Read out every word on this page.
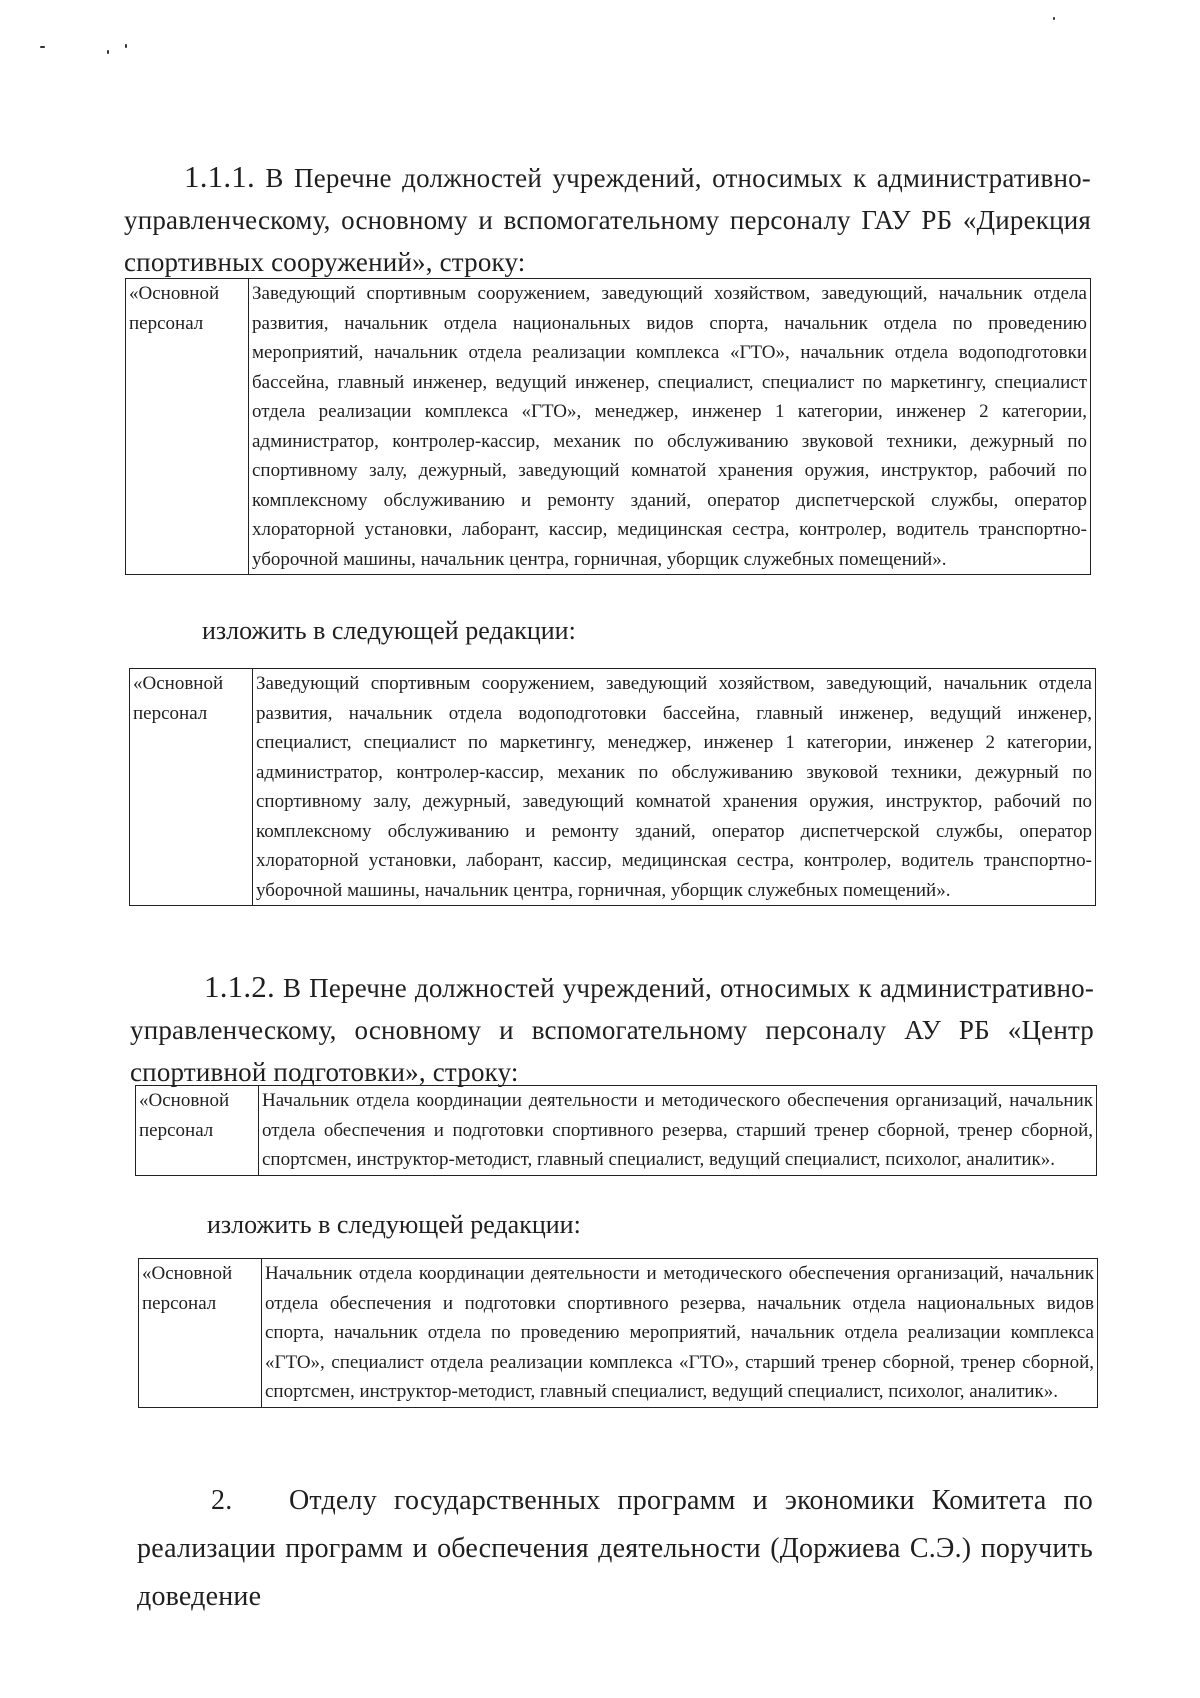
1.1.1. В Перечне должностей учреждений, относимых к административно-управленческому, основному и вспомогательному персоналу ГАУ РБ «Дирекция спортивных сооружений», строку:
«Основной персонал	Заведующий спортивным сооружением, заведующий хозяйством, заведующий, начальник отдела развития, начальник отдела национальных видов спорта, начальник отдела по проведению мероприятий, начальник отдела реализации комплекса «ГТО», начальник отдела водоподготовки бассейна, главный инженер, ведущий инженер, специалист, специалист по маркетингу, специалист отдела реализации комплекса «ГТО», менеджер, инженер 1 категории, инженер 2 категории, администратор, контролер-кассир, механик по обслуживанию звуковой техники, дежурный по спортивному залу, дежурный, заведующий комнатой хранения оружия, инструктор, рабочий по комплексному обслуживанию и ремонту зданий, оператор диспетчерской службы, оператор хлораторной установки, лаборант, кассир, медицинская сестра, контролер, водитель транспортно-уборочной машины, начальник центра, горничная, уборщик служебных помещений».
изложить в следующей редакции:
«Основной персонал	Заведующий спортивным сооружением, заведующий хозяйством, заведующий, начальник отдела развития, начальник отдела водоподготовки бассейна, главный инженер, ведущий инженер, специалист, специалист по маркетингу, менеджер, инженер 1 категории, инженер 2 категории, администратор, контролер-кассир, механик по обслуживанию звуковой техники, дежурный по спортивному залу, дежурный, заведующий комнатой хранения оружия, инструктор, рабочий по комплексному обслуживанию и ремонту зданий, оператор диспетчерской службы, оператор хлораторной установки, лаборант, кассир, медицинская сестра, контролер, водитель транспортно-уборочной машины, начальник центра, горничная, уборщик служебных помещений».
1.1.2. В Перечне должностей учреждений, относимых к административно-управленческому, основному и вспомогательному персоналу АУ РБ «Центр спортивной подготовки», строку:
«Основной персонал	Начальник отдела координации деятельности и методического обеспечения организаций, начальник отдела обеспечения и подготовки спортивного резерва, старший тренер сборной, тренер сборной, спортсмен, инструктор-методист, главный специалист, ведущий специалист, психолог, аналитик».
изложить в следующей редакции:
«Основной персонал	Начальник отдела координации деятельности и методического обеспечения организаций, начальник отдела обеспечения и подготовки спортивного резерва, начальник отдела национальных видов спорта, начальник отдела по проведению мероприятий, начальник отдела реализации комплекса «ГТО», специалист отдела реализации комплекса «ГТО», старший тренер сборной, тренер сборной, спортсмен, инструктор-методист, главный специалист, ведущий специалист, психолог, аналитик».
2. Отделу государственных программ и экономики Комитета по реализации программ и обеспечения деятельности (Доржиева С.Э.) поручить доведение
